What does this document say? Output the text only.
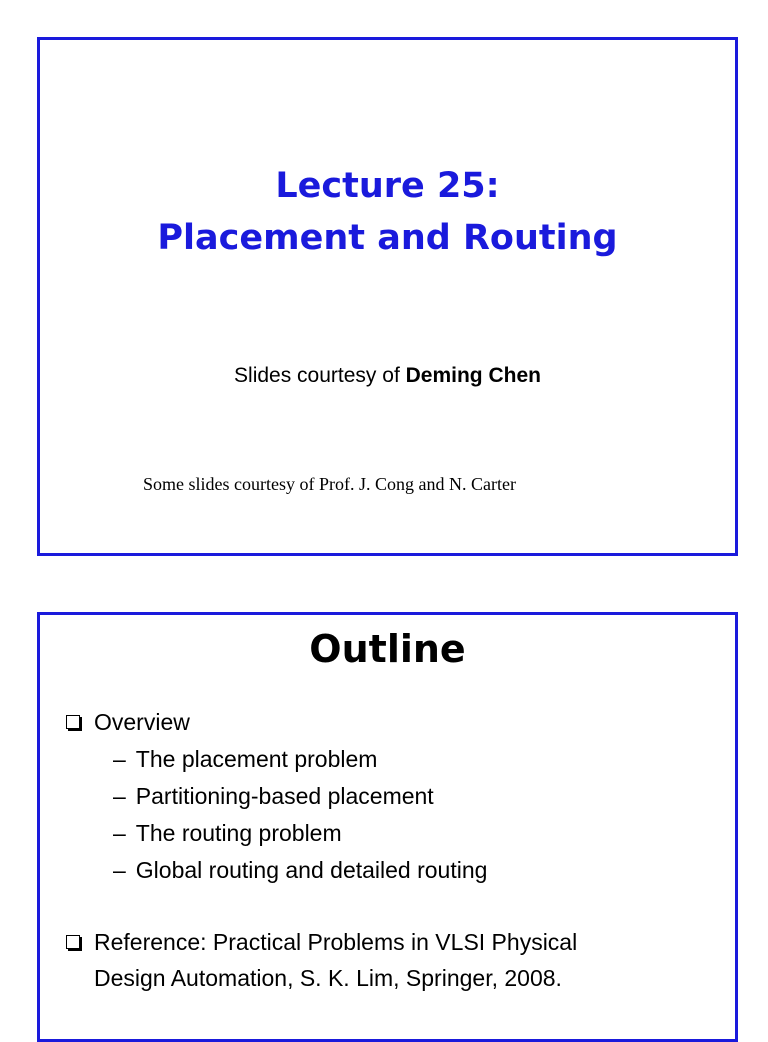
Lecture 25:
Placement and Routing
Slides courtesy of Deming Chen
Some slides courtesy of Prof. J. Cong and N. Carter
Outline
Overview
– The placement problem
– Partitioning-based placement
– The routing problem
– Global routing and detailed routing
Reference: Practical Problems in VLSI Physical
Design Automation, S. K. Lim, Springer, 2008.
